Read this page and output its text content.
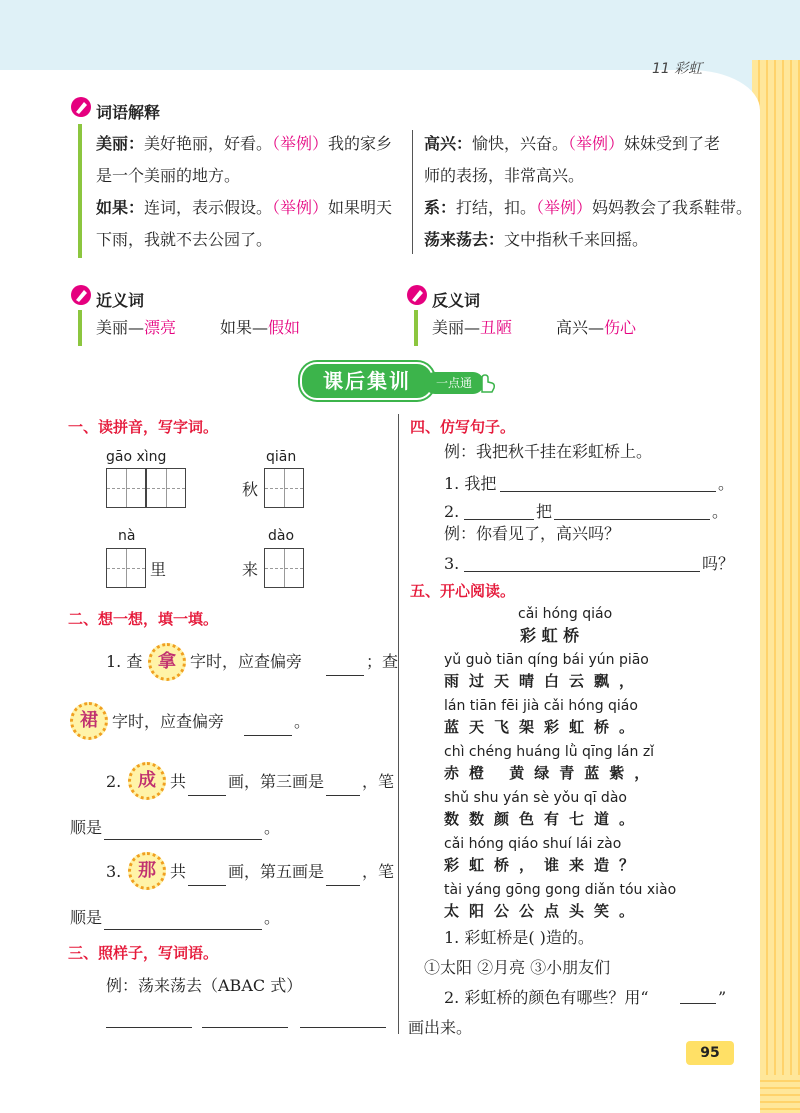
11 彩虹
词语解释
美丽：美好艳丽，好看。（举例）我的家乡
是一个美丽的地方。
如果：连词，表示假设。（举例）如果明天
下雨，我就不去公园了。
高兴：愉快，兴奋。（举例）妹妹受到了老
师的表扬，非常高兴。
系：打结，扣。（举例）妈妈教会了我系鞋带。
荡来荡去：文中指秋千来回摇。
近义词
美丽—漂亮	如果—假如
反义词
美丽—丑陋	高兴—伤心
课后集训	一点通
一、读拼音，写字词。
gāo xìng	qiān
秋
nà
里
dào
来
二、想一想，填一填。
1. 查 拿 字时，应查偏旁	；查
裙 字时，应查偏旁	。
2. 成 共	画，第三画是 ，笔
顺是	。
3. 那 共	画，第五画是 ，笔
顺是	。
三、照样子，写词语。
例：荡来荡去（ABAC 式）
四、仿写句子。
例：我把秋千挂在彩虹桥上。
1. 我把	。
2.	把	。
例：你看见了，高兴吗？
3.	吗？
五、开心阅读。
cǎi hóng qiáo
彩 虹 桥
yǔ guò tiān qíng bái yún piāo
雨过天晴白云飘，
lán tiān fēi jià cǎi hóng qiáo
蓝天飞架彩虹桥。
chì chéng huáng lǜ qīng lán zǐ
赤橙 黄绿青蓝紫，
shǔ shu yán sè yǒu qī dào
数数颜色有七道。
cǎi hóng qiáo shuí lái zào
彩虹桥，谁来造？
tài yáng gōng gong diǎn tóu xiào
太阳公公点头笑。
1. 彩虹桥是( )造的。
①太阳 ②月亮 ③小朋友们
2. 彩虹桥的颜色有哪些？用“	”
画出来。
95
